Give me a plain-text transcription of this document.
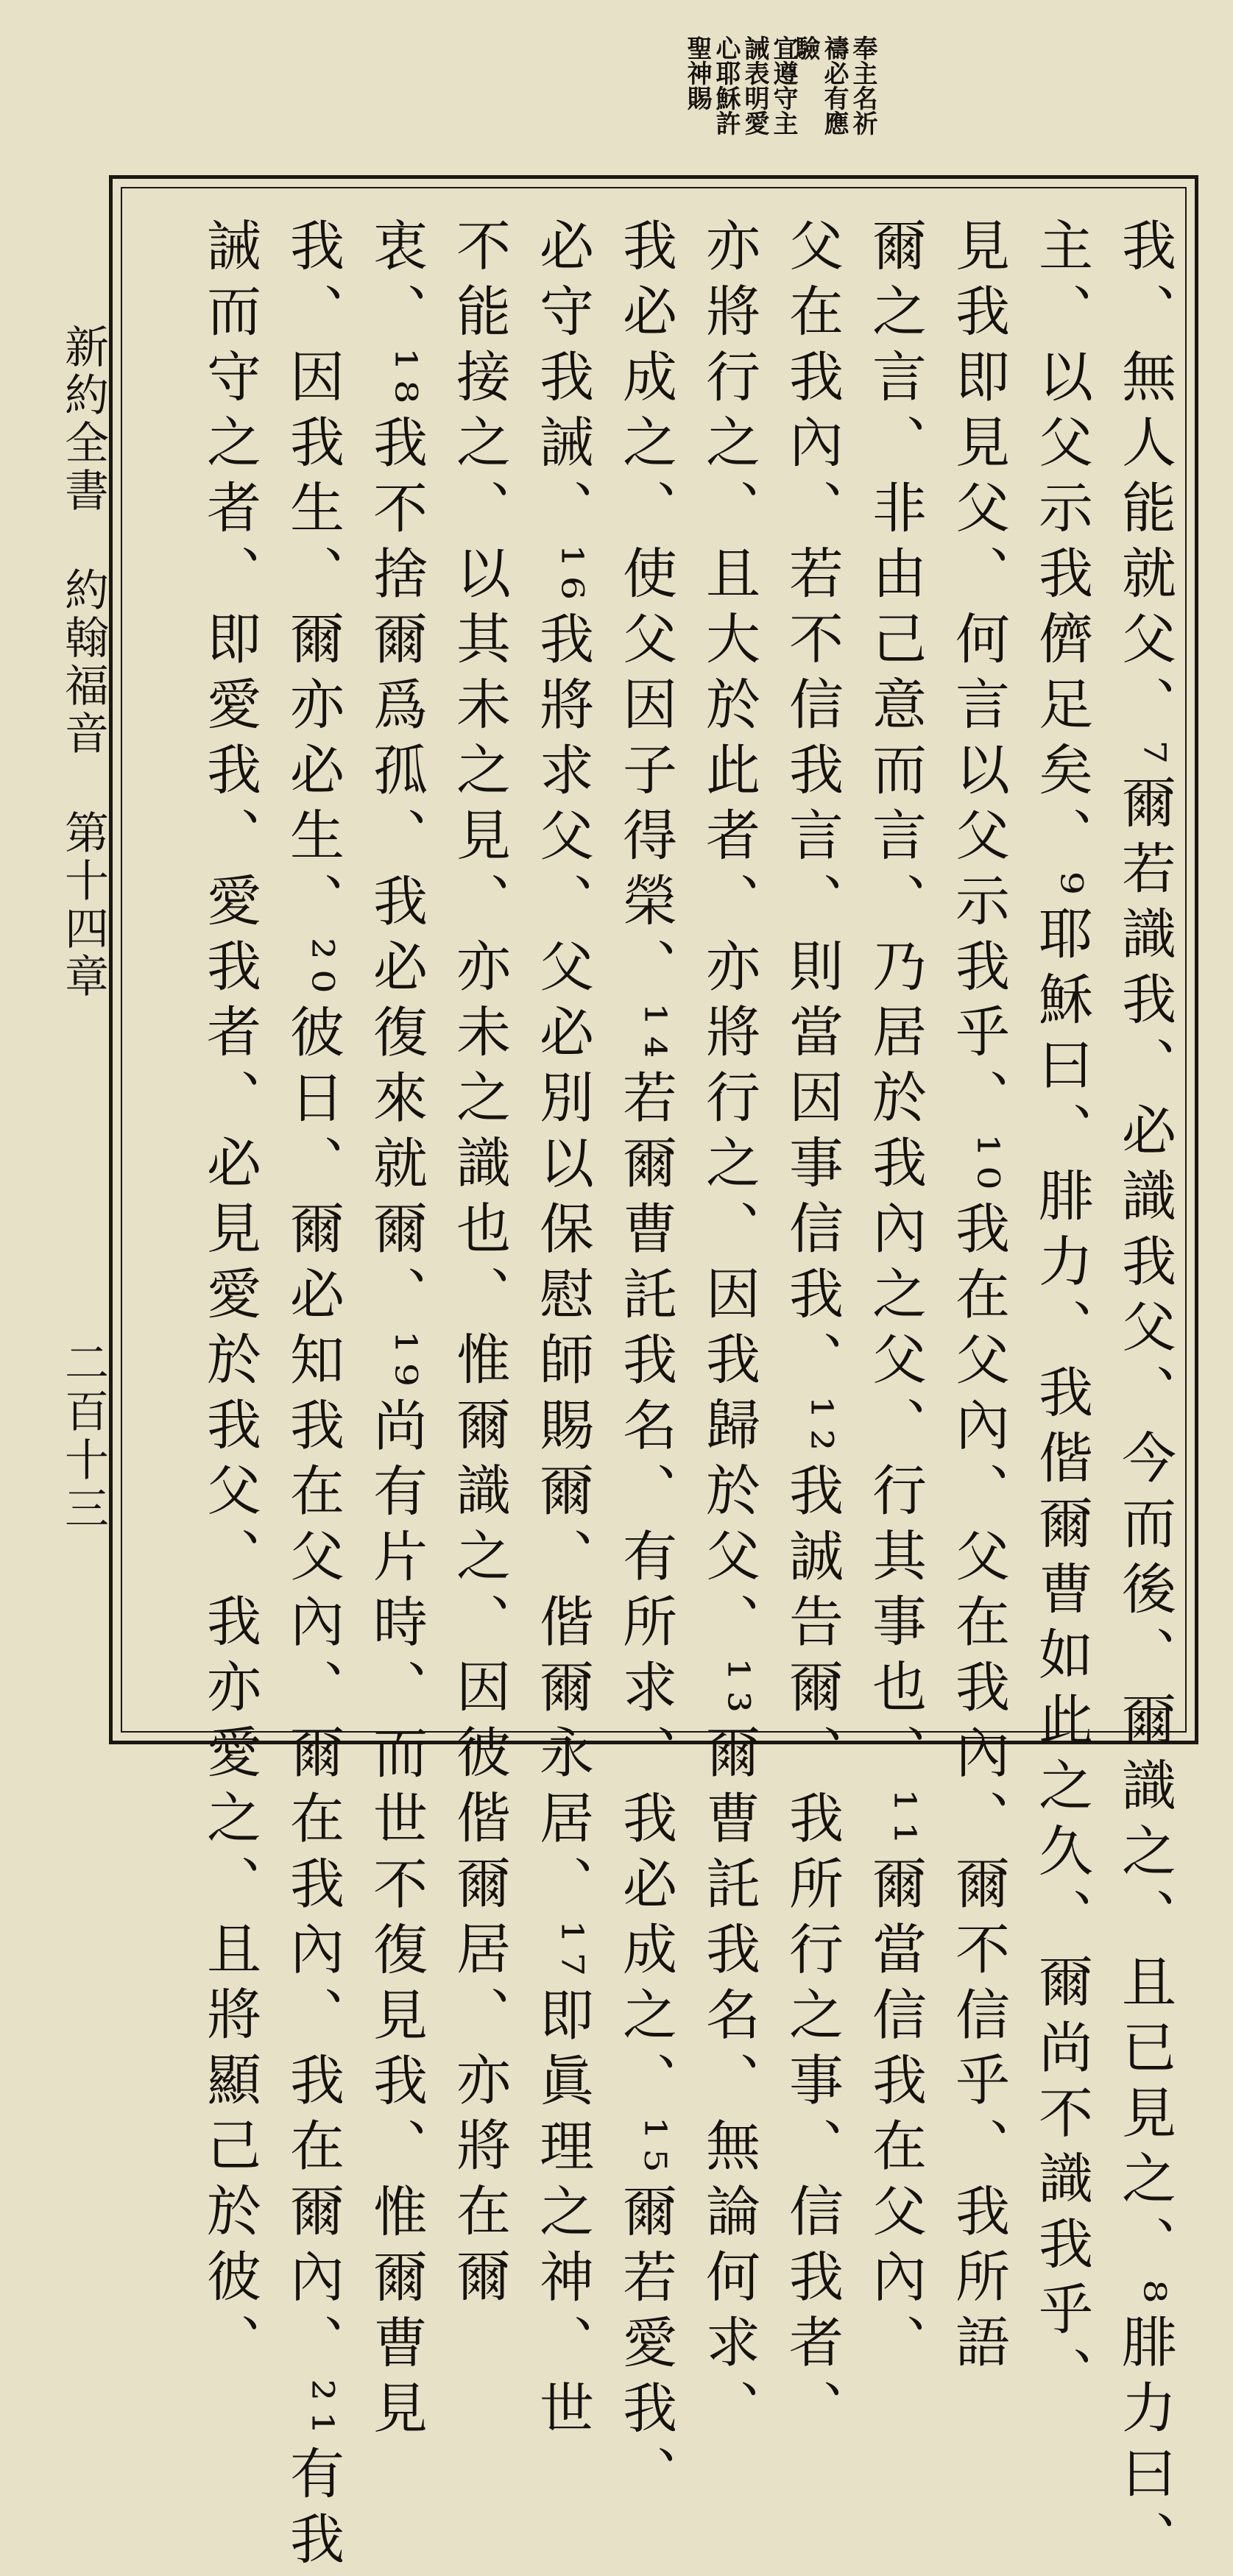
奉主名祈
禱必有應
驗
宜遵守主
誡表明愛
心耶穌許
聖神賜
我、無人能就父、⁷爾若識我、必識我父、今而後、爾識之、且已見之、⁸腓力曰、
主、以父示我儕足矣、⁹耶穌曰、腓力、我偕爾曹如此之久、爾尚不識我乎、
見我即見父、何言以父示我乎、¹⁰我在父內、父在我內、爾不信乎、我所語
爾之言、非由己意而言、乃居於我內之父、行其事也、¹¹爾當信我在父內、
父在我內、若不信我言、則當因事信我、¹²我誠告爾、我所行之事、信我者、
亦將行之、且大於此者、亦將行之、因我歸於父、¹³爾曹託我名、無論何求、
我必成之、使父因子得榮、¹⁴若爾曹託我名、有所求、我必成之、¹⁵爾若愛我、
必守我誡、¹⁶我將求父、父必別以保慰師賜爾、偕爾永居、¹⁷即眞理之神、世
不能接之、以其未之見、亦未之識也、惟爾識之、因彼偕爾居、亦將在爾
衷、¹⁸我不捨爾爲孤、我必復來就爾、¹⁹尚有片時、而世不復見我、惟爾曹見
我、因我生、爾亦必生、²⁰彼日、爾必知我在父內、爾在我內、我在爾內、²¹有我
誡而守之者、即愛我、愛我者、必見愛於我父、我亦愛之、且將顯己於彼、
新約全書約翰福音第十四章
二百十三
